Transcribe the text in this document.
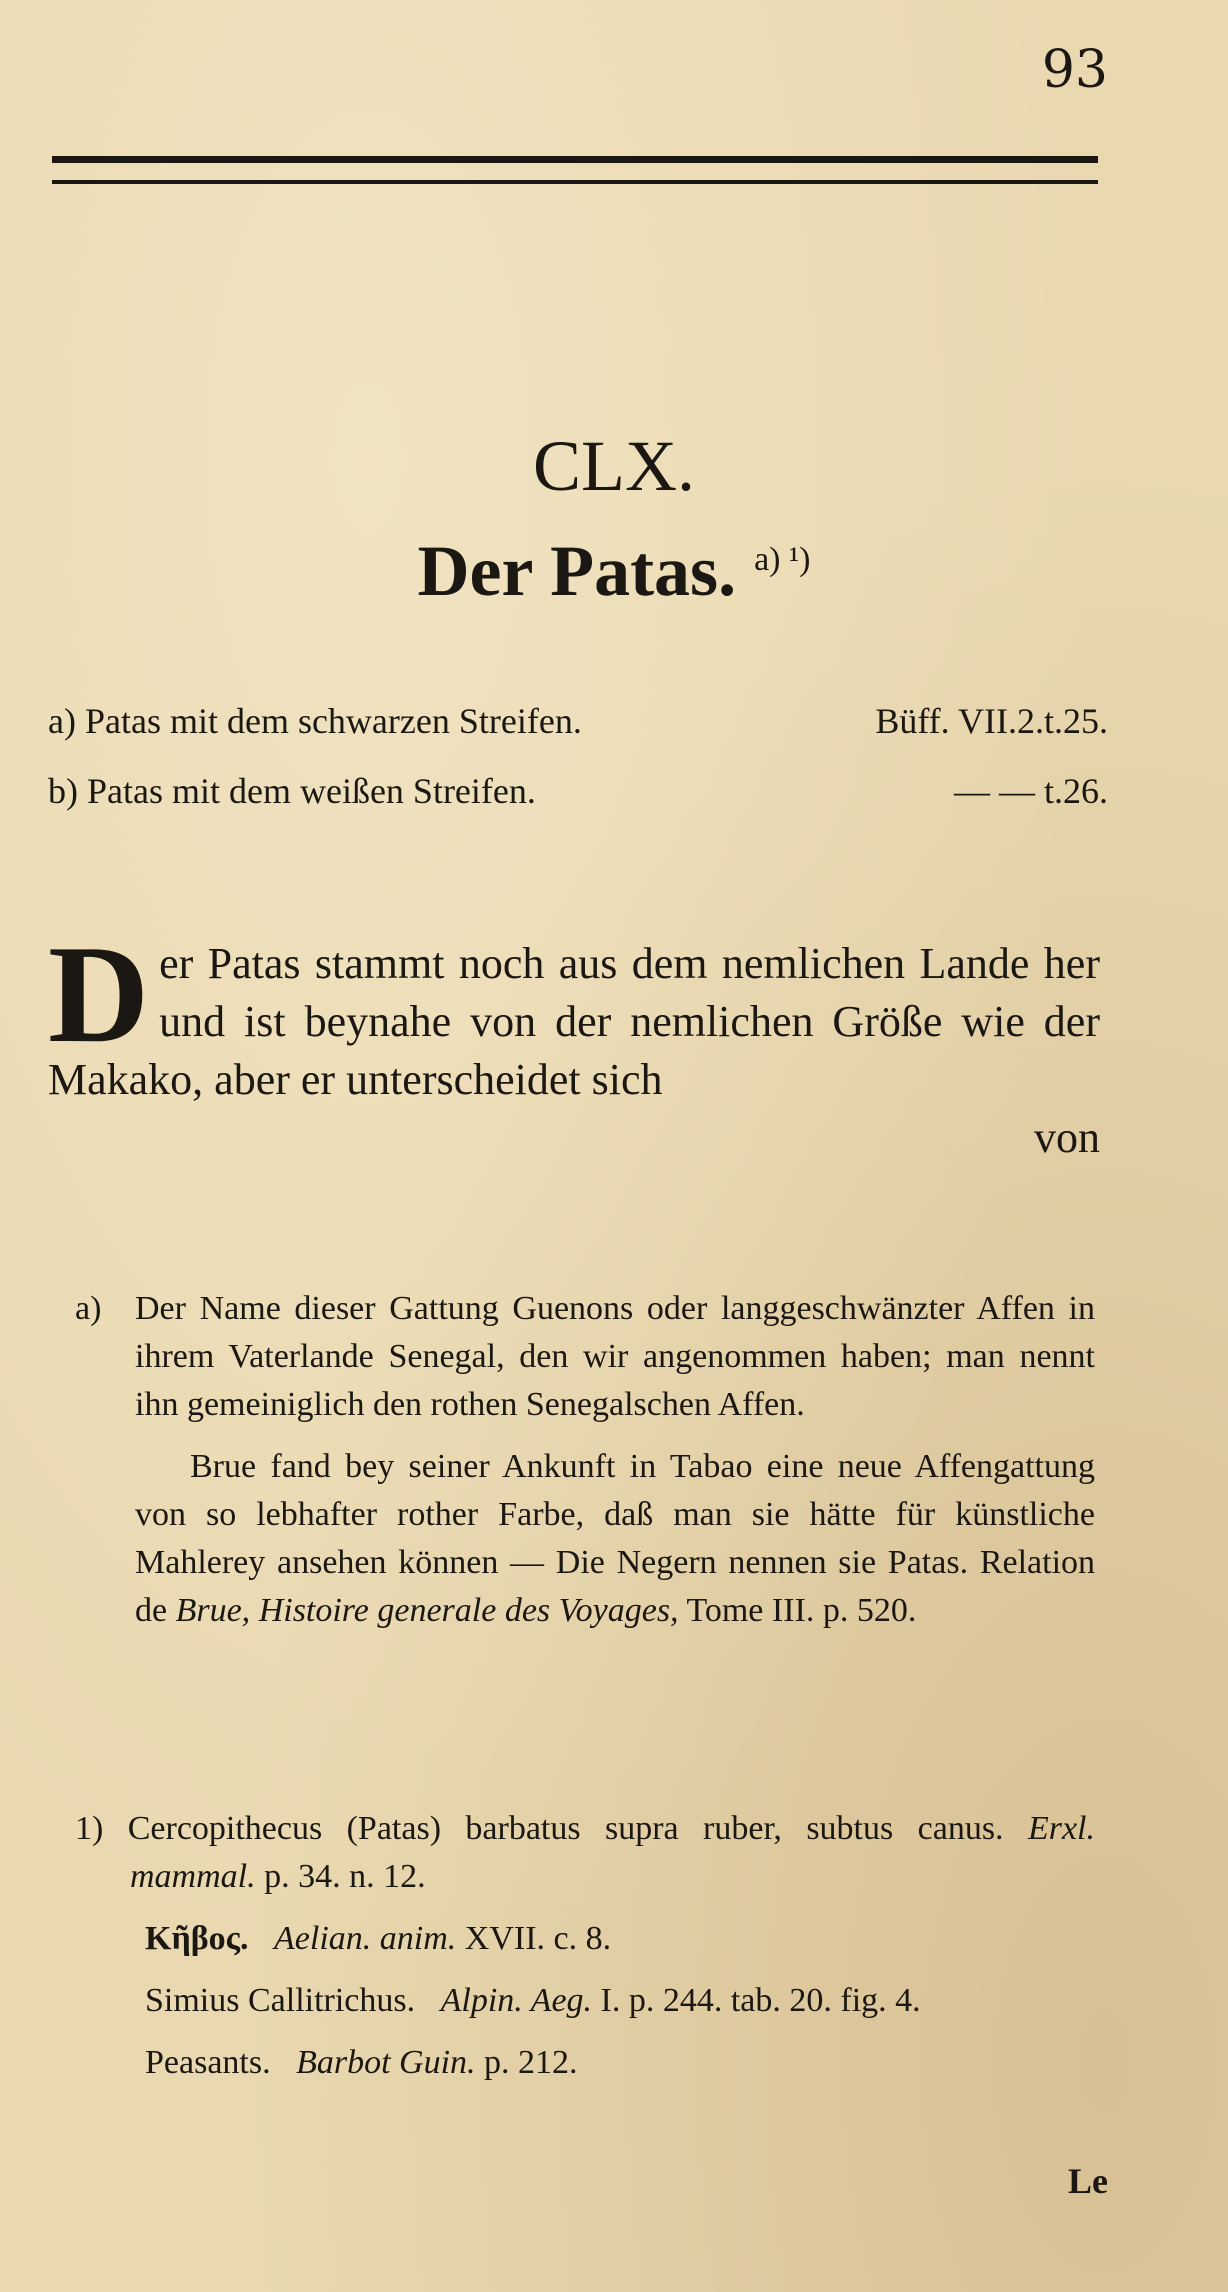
93
CLX.
Der Patas. $^{a) ^1)}$
a) Patas mit dem schwarzen Streifen.	Büff. VII.2.t.25.
b) Patas mit dem weißen Streifen.	— — t.26.
D er Patas stammt noch aus dem nemlichen Lande her und ist beynahe von der nemlichen Größe wie der Makako, aber er unterscheidet sich

von

a) Der Name dieser Gattung Guenons oder langgeschwänzter Affen in ihrem Vaterlande Senegal, den wir angenommen haben; man nennt ihn gemeiniglich den rothen Senegalschen Affen.

Brue fand bey seiner Ankunft in Tabao eine neue Affengattung von so lebhafter rother Farbe, daß man sie hätte für künstliche Mahlerey ansehen können — Die Negern nennen sie Patas. Relation de Brue, Histoire generale des Voyages, Tome III. p. 520.

1) Cercopithecus (Patas) barbatus supra ruber, subtus canus. Erxl. mammal. p. 34. n. 12.

Κῆβος. Aelian. anim. XVII. c. 8.

Simius Callitrichus. Alpin. Aeg. I. p. 244. tab. 20. fig. 4.

Peasants. Barbot Guin. p. 212.

Le
